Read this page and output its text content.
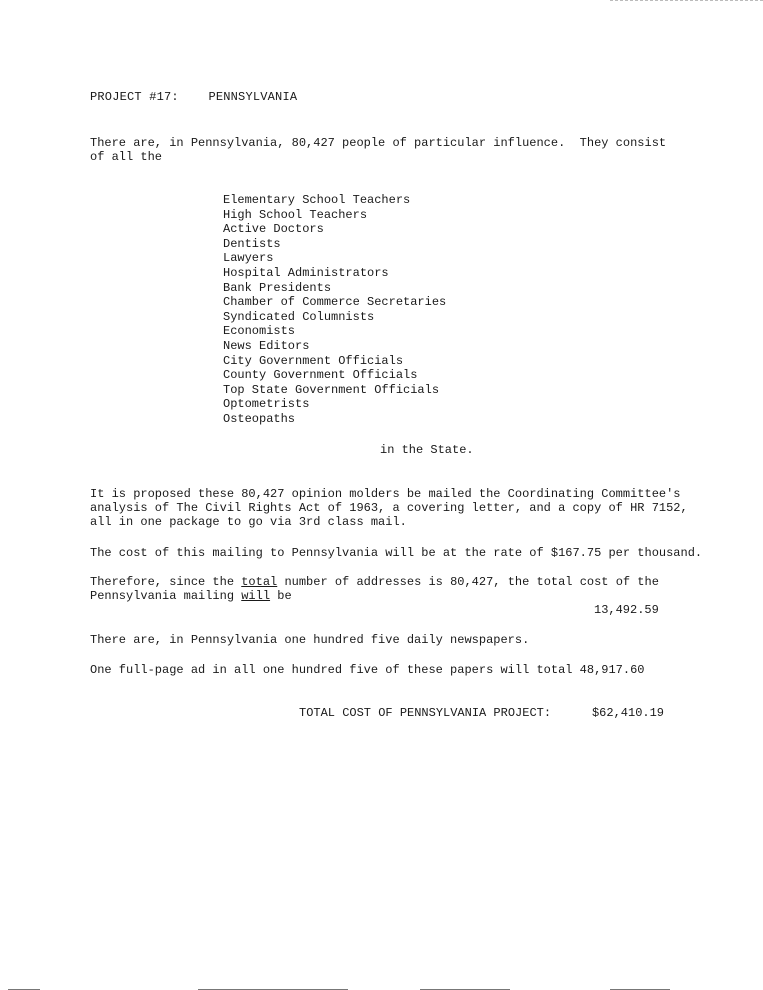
PROJECT #17: PENNSYLVANIA
There are, in Pennsylvania, 80,427 people of particular influence.  They consist
of all the
Elementary School Teachers
High School Teachers
Active Doctors
Dentists
Lawyers
Hospital Administrators
Bank Presidents
Chamber of Commerce Secretaries
Syndicated Columnists
Economists
News Editors
City Government Officials
County Government Officials
Top State Government Officials
Optometrists
Osteopaths
in the State.
It is proposed these 80,427 opinion molders be mailed the Coordinating Committee's
analysis of The Civil Rights Act of 1963, a covering letter, and a copy of HR 7152,
all in one package to go via 3rd class mail.
The cost of this mailing to Pennsylvania will be at the rate of $167.75 per thousand.
Therefore, since the total number of addresses is 80,427, the total cost of the
Pennsylvania mailing will be
13,492.59
There are, in Pennsylvania one hundred five daily newspapers.
One full-page ad in all one hundred five of these papers will total 48,917.60
TOTAL COST OF PENNSYLVANIA PROJECT:	$62,410.19
